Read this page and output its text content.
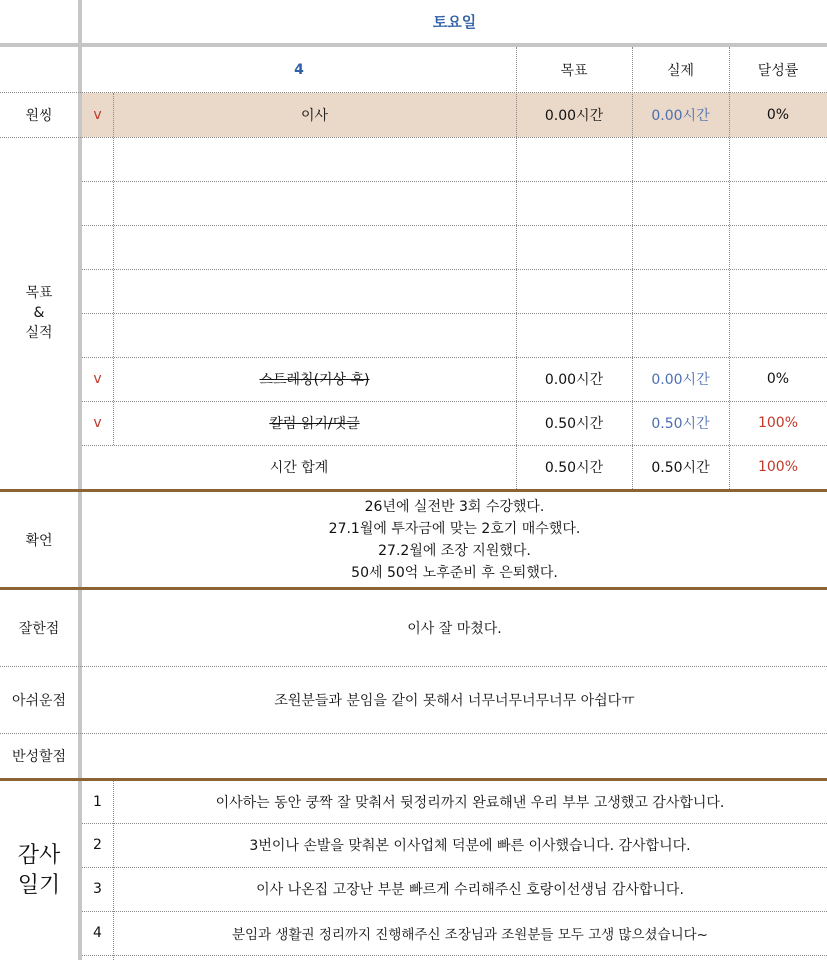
토요일
4	목표	실제	달성률
원씽	v	이사	0.00시간	0.00시간	0%
목표
&
실적
v	스트레칭(기상 후)	0.00시간	0.00시간	0%
v	칼럼 읽기/댓글	0.50시간	0.50시간	100%
시간 합계	0.50시간	0.50시간	100%
확언
26년에 실전반 3회 수강했다.
27.1월에 투자금에 맞는 2호기 매수했다.
27.2월에 조장 지원했다.
50세 50억 노후준비 후 은퇴했다.
잘한점	이사 잘 마쳤다.
아쉬운점	조원분들과 분임을 같이 못해서 너무너무너무너무 아쉽다ㅠ
반성할점
감사
일기
1	이사하는 동안 쿵짝 잘 맞춰서 뒷정리까지 완료해낸 우리 부부 고생했고 감사합니다.
2	3번이나 손발을 맞춰본 이사업체 덕분에 빠른 이사했습니다. 감사합니다.
3	이사 나온집 고장난 부분 빠르게 수리해주신 호랑이선생님 감사합니다.
4	분임과 생활권 정리까지 진행해주신 조장님과 조원분들 모두 고생 많으셨습니다~
